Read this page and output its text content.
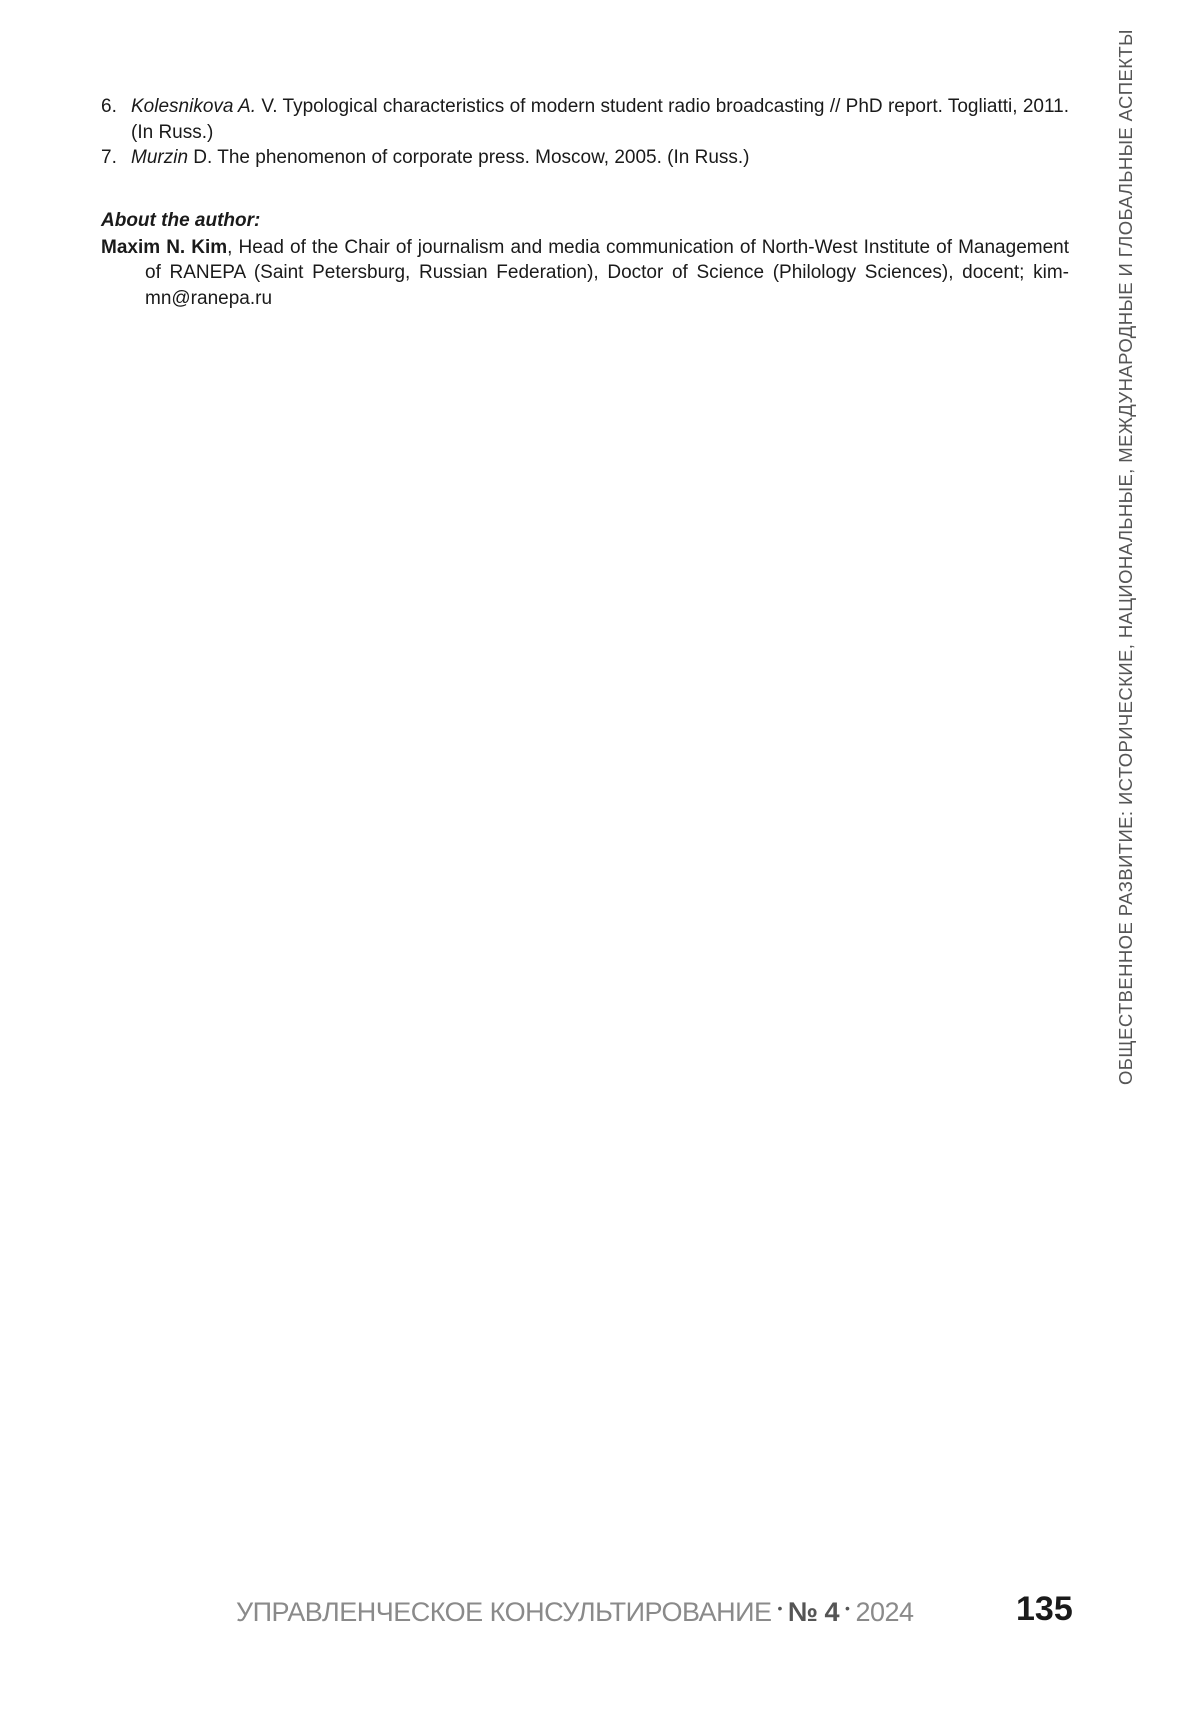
6. Kolesnikova A. V. Typological characteristics of modern student radio broadcasting // PhD report. Togliatti, 2011. (In Russ.)
7. Murzin D. The phenomenon of corporate press. Moscow, 2005. (In Russ.)
About the author:
Maxim N. Kim, Head of the Chair of journalism and media communication of North-West Institute of Management of RANEPA (Saint Petersburg, Russian Federation), Doctor of Science (Philology Sciences), docent; kim-mn@ranepa.ru	ОБЩЕСТВЕННОЕ РАЗВИТИЕ: ИСТОРИЧЕСКИЕ, НАЦИОНАЛЬНЫЕ, МЕЖДУНАРОДНЫЕ И ГЛОБАЛЬНЫЕ АСПЕКТЫ
УПРАВЛЕНЧЕСКОЕ КОНСУЛЬТИРОВАНИЕ • № 4 • 2024	135
